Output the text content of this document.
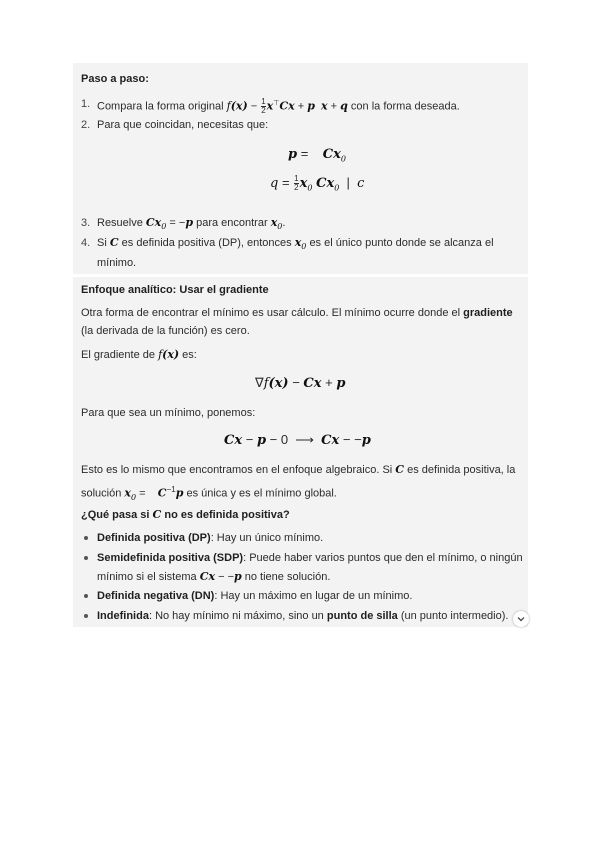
Paso a paso:
1. Compara la forma original $f(x) - \frac{1}{2} x^⊤Cx + p$ x + q con la forma deseada.
2. Para que coincidan, necesitas que:
p =    $Cx_0$
$q = \frac{1}{2} x_0$ $Cx_0$  |  c
3. Resuelve $Cx_0 = -p$ para encontrar $x_0$.
4. Si C es definida positiva (DP), entonces $x_0$ es el único punto donde se alcanza el
mínimo.
Enfoque analítico: Usar el gradiente
Otra forma de encontrar el mínimo es usar cálculo. El mínimo ocurre donde el gradiente
(la derivada de la función) es cero.
El gradiente de f(x) es:
∇f(x) − Cx + p
Para que sea un mínimo, ponemos:
Cx − p − 0  ⟶  Cx − −p
Esto es lo mismo que encontramos en el enfoque algebraico. Si C es definida positiva, la
solución $x_0$ =    $C^{-1}p$ es única y es el mínimo global.
¿Qué pasa si C no es definida positiva?
Definida positiva (DP): Hay un único mínimo.
Semidefinida positiva (SDP): Puede haber varios puntos que den el mínimo, o ningún
mínimo si el sistema Cx − −p no tiene solución.
Definida negativa (DN): Hay un máximo en lugar de un mínimo.
Indefinida: No hay mínimo ni máximo, sino un punto de silla (un punto intermedio).
